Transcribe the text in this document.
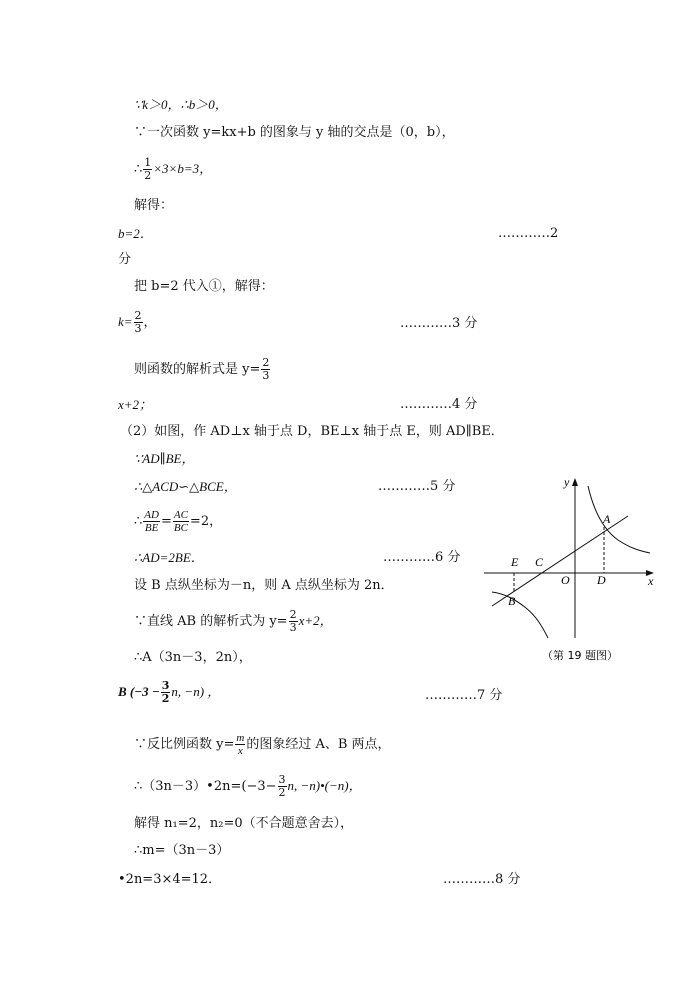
∵k＞0，∴b＞0，
∵一次函数 y=kx+b 的图象与 y 轴的交点是（0，b），
∴ $\frac{1}{2} \times 3\times b=3$，
解得：
b=2．	…………2
分
把 b=2 代入①，解得：
$k= \frac{2}{3}$ ，	…………3 分
则函数的解析式是 $y= \frac{2}{3}$
x+2；	…………4 分
（2）如图，作 AD⊥x 轴于点 D，BE⊥x 轴于点 E，则 AD∥BE．
∵AD∥BE，
∴△ACD∽△BCE，	…………5 分
∴ $\frac{AD}{BE} = \frac{AC}{BC} =2$，
∴AD=2BE．	…………6 分
设 B 点纵坐标为－n，则 A 点纵坐标为 2n．
∵直线 AB 的解析式为 $y= \frac{2}{3} x+2$，
∴A（3n－3，2n），
B ($-3 - \frac{3}{2} n$, −n) ，	…………7 分
∵反比例函数 $y= \frac{m}{x}$ 的图象经过 A、B 两点，
∴（3n－3）•2n=(−3− $\frac{3}{2} n$, −n)•(−n)，
解得 n₁=2，n₂=0（不合题意舍去），
∴m=（3n－3）
•2n=3×4=12．	…………8 分
y
x
O
A
B
C
D
E
（第 19 题图）
